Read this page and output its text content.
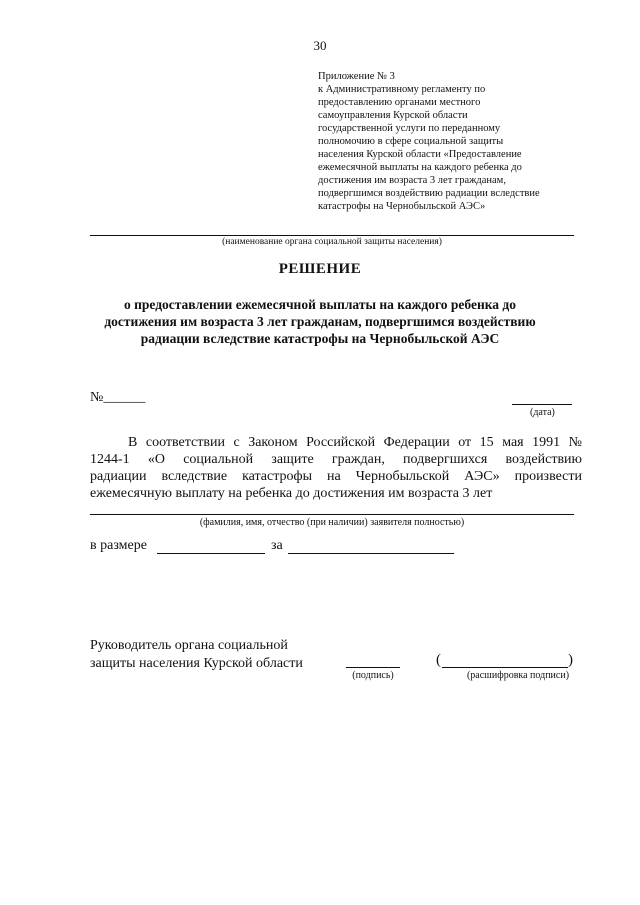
30
Приложение № 3
к Административному регламенту по
предоставлению органами местного
самоуправления Курской области
государственной услуги по переданному
полномочию в сфере социальной защиты
населения Курской области «Предоставление
ежемесячной выплаты на каждого ребенка до
достижения им возраста 3 лет гражданам,
подвергшимся воздействию радиации вследствие
катастрофы на Чернобыльской АЭС»
(наименование органа социальной защиты населения)
РЕШЕНИЕ
о предоставлении ежемесячной выплаты на каждого ребенка до
достижения им возраста 3 лет гражданам, подвергшимся воздействию
радиации вследствие катастрофы на Чернобыльской АЭС
№______
(дата)
В соответствии с Законом Российской Федерации от 15 мая 1991 №
1244-1 «О социальной защите граждан, подвергшихся воздействию
радиации вследствие катастрофы на Чернобыльской АЭС» произвести
ежемесячную выплату на ребенка до достижения им возраста 3 лет
(фамилия, имя, отчество (при наличии) заявителя полностью)
в размере	за
Руководитель органа социальной
защиты населения Курской области
(подпись)
(	)
(расшифровка подписи)
